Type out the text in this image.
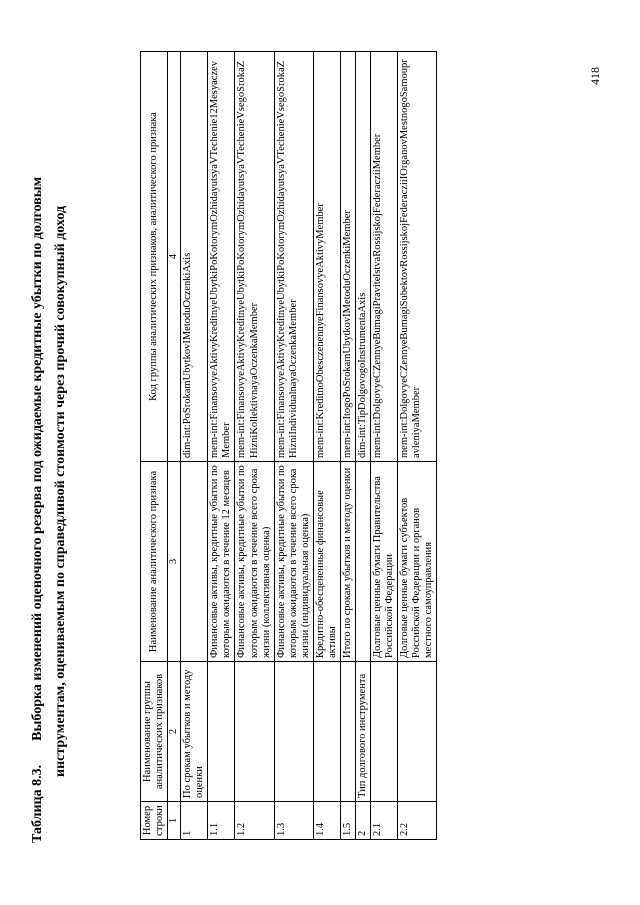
Таблица 8.3.Выборка изменений оценочного резерва под ожидаемые кредитные убытки по долговым инструментам, оцениваемым по справедливой стоимости через прочий совокупный доход
Номер строки	Наименование группы аналитических признаков	Наименование аналитического признака	Код группы аналитических признаков, аналитического признака
1	2	3	4
1	По срокам убытков и методу оценки		dim-int:PoSrokamUbytkovIMetoduOczenkiAxis
1.1		Финансовые активы, кредитные убытки по которым ожидаются в течение 12 месяцев	mem-int:FinansovyeAktivyKreditnyeUbytkiPoKotorymOzhidayutsyaVTechenie12MesyaczevMember
1.2		Финансовые активы, кредитные убытки по которым ожидаются в течение всего срока жизни (коллективная оценка)	mem-int:FinansovyeAktivyKreditnyeUbytkiPoKotorymOzhidayutsyaVTechenieVsegoSrokaZHizniKollektivnayaOczenkaMember
1.3		Финансовые активы, кредитные убытки по которым ожидаются в течение всего срока жизни (индивидуальная оценка)	mem-int:FinansovyeAktivyKreditnyeUbytkiPoKotorymOzhidayutsyaVTechenieVsegoSrokaZHizniIndividualnayaOczenkaMember
1.4		Кредитно-обесцененные финансовые активы	mem-int:KreditnoObesczenennyeFinansovyeAktivyMember
1.5		Итого по срокам убытков и методу оценки	mem-int:ItogoPoSrokamUbytkovIMetoduOczenkiMember
2	Тип долгового инструмента		dim-int:TipDolgovogoInstrumentaAxis
2.1		Долговые ценные бумаги Правительства Российской Федерации	mem-int:DolgovyeCZennyeBumagiPravitelstvaRossijskojFederacziiMember
2.2		Долговые ценные бумаги субъектов Российской Федерации и органов местного самоуправления	mem-int:DolgovyeCZennyeBumagiSubektovRossijskojFederacziiIOrganovMestnogoSamoupravleniyaMember
418
